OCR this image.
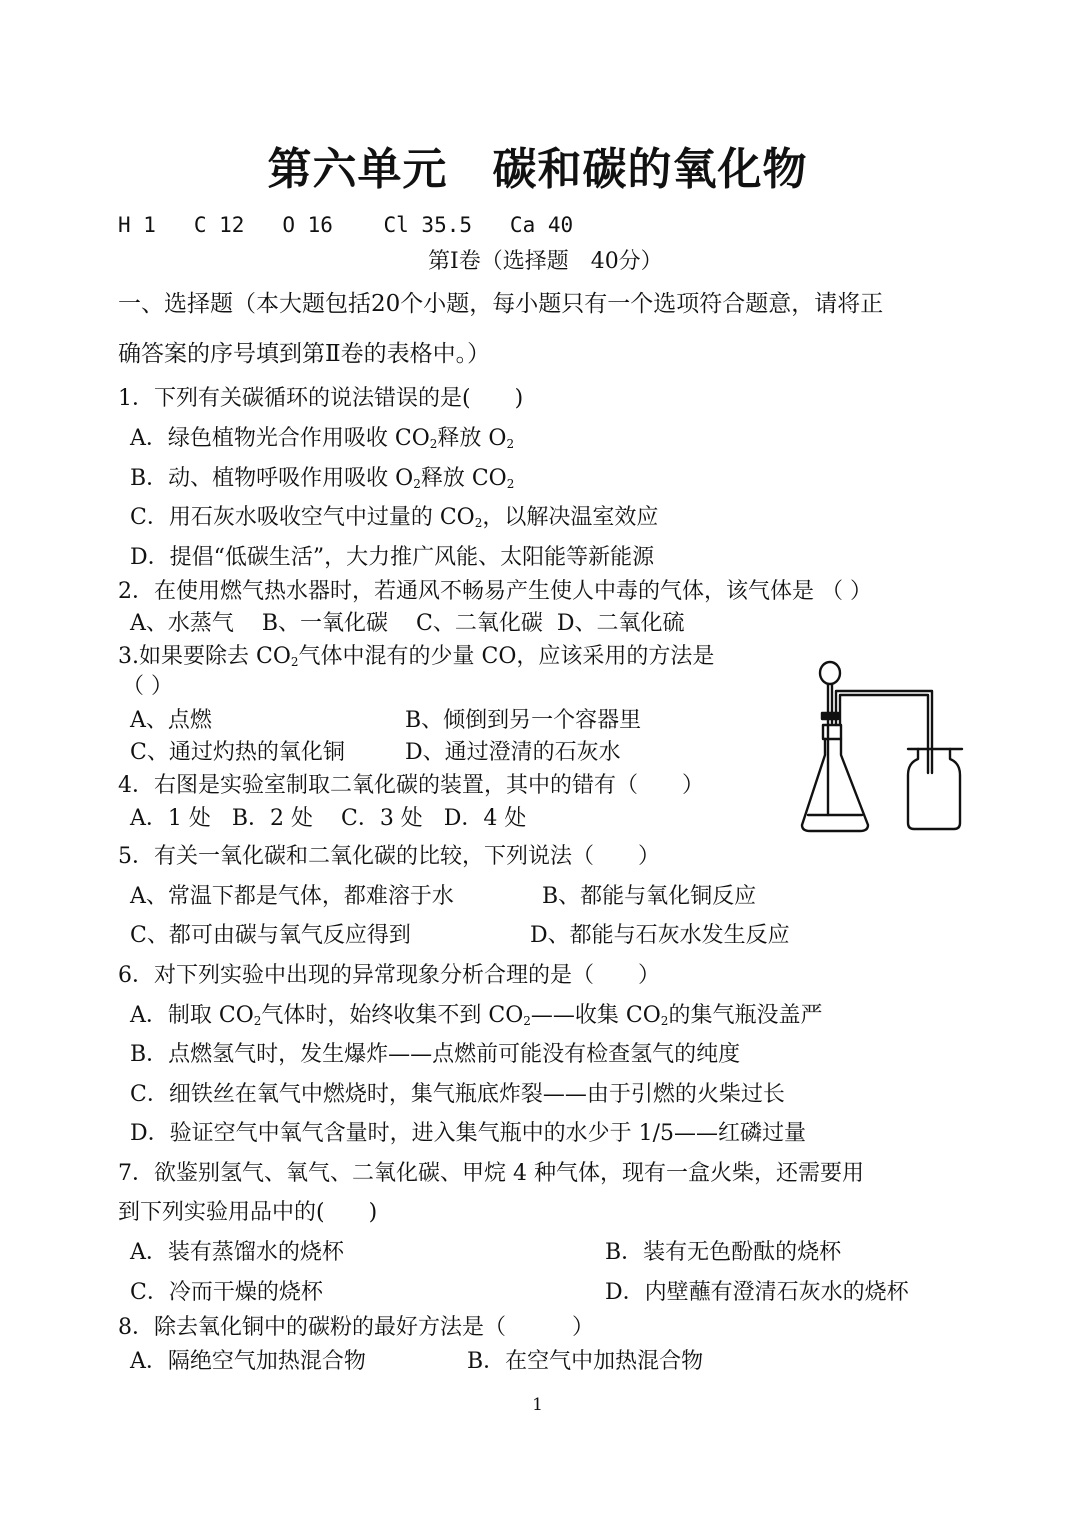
第六单元　碳和碳的氧化物
H 1   C 12   O 16    Cl 35.5   Ca 40
第Ⅰ卷（选择题　40分）
一、选择题（本大题包括20个小题，每小题只有一个选项符合题意，请将正
确答案的序号填到第Ⅱ卷的表格中。）
1．下列有关碳循环的说法错误的是(　　)
A．绿色植物光合作用吸收 $CO_2$释放 $O_2$
B．动、植物呼吸作用吸收 $O_2$释放 $CO_2$
C．用石灰水吸收空气中过量的 $CO_2$，以解决温室效应
D．提倡“低碳生活”，大力推广风能、太阳能等新能源
2．在使用燃气热水器时，若通风不畅易产生使人中毒的气体，该气体是 （ ）
A、水蒸气    B、一氧化碳    C、二氧化碳  D、二氧化硫
3.如果要除去 $CO_2$气体中混有的少量 CO，应该采用的方法是
（ ）
A、点燃	B、倾倒到另一个容器里
C、通过灼热的氧化铜	D、通过澄清的石灰水
4．右图是实验室制取二氧化碳的装置，其中的错有（　　）
A．1 处   B．2 处    C．3 处   D．4 处
5．有关一氧化碳和二氧化碳的比较，下列说法（　　）
A、常温下都是气体，都难溶于水	B、都能与氧化铜反应
C、都可由碳与氧气反应得到	D、都能与石灰水发生反应
6．对下列实验中出现的异常现象分析合理的是（　　）
A．制取 $CO_2$气体时，始终收集不到 $CO_2——$收集 $CO_2$的集气瓶没盖严
B．点燃氢气时，发生爆炸——点燃前可能没有检查氢气的纯度
C．细铁丝在氧气中燃烧时，集气瓶底炸裂——由于引燃的火柴过长
D．验证空气中氧气含量时，进入集气瓶中的水少于 1/5——红磷过量
7．欲鉴别氢气、氧气、二氧化碳、甲烷 4 种气体，现有一盒火柴，还需要用
到下列实验用品中的(　　)
A．装有蒸馏水的烧杯	B．装有无色酚酞的烧杯
C．冷而干燥的烧杯	D．内壁蘸有澄清石灰水的烧杯
8．除去氧化铜中的碳粉的最好方法是（　　　）
A．隔绝空气加热混合物	B．在空气中加热混合物
1
